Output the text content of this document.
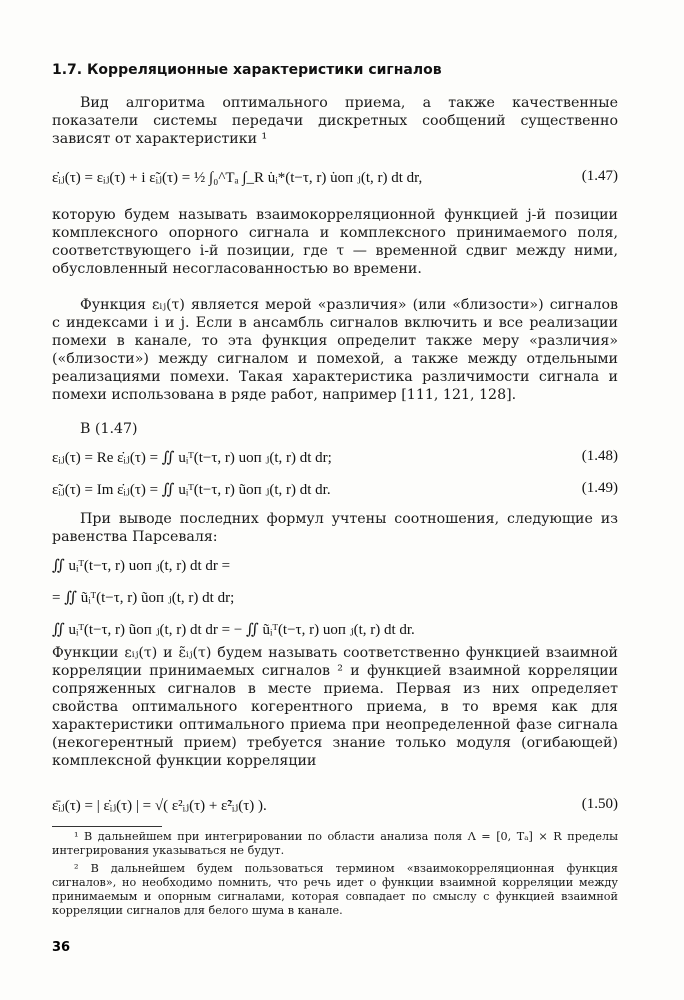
1.7. Корреляционные характеристики сигналов
Вид алгоритма оптимального приема, а также качественные показатели системы передачи дискретных сообщений существенно зависят от характеристики ¹
ε̇ᵢⱼ(τ) = εᵢⱼ(τ) + i ε̃ᵢⱼ(τ) = ½ ∫₀^Tₐ ∫_R u̇ᵢ*(t−τ, r) u̇оп ⱼ(t, r) dt dr,	(1.47)
которую будем называть взаимокорреляционной функцией j-й позиции комплексного опорного сигнала и комплексного принимаемого поля, соответствующего i-й позиции, где τ — временной сдвиг между ними, обусловленный несогласованностью во времени.
Функция εᵢⱼ(τ) является мерой «различия» (или «близости») сигналов с индексами i и j. Если в ансамбль сигналов включить и все реализации помехи в канале, то эта функция определит также меру «различия» («близости») между сигналом и помехой, а также между отдельными реализациями помехи. Такая характеристика различимости сигнала и помехи использована в ряде работ, например [111, 121, 128].
В (1.47)
εᵢⱼ(τ) = Re ε̇ᵢⱼ(τ) = ∬ uᵢᵀ(t−τ, r) uоп ⱼ(t, r) dt dr;	(1.48)
ε̃ᵢⱼ(τ) = Im ε̇ᵢⱼ(τ) = ∬ uᵢᵀ(t−τ, r) ũоп ⱼ(t, r) dt dr.	(1.49)
При выводе последних формул учтены соотношения, следующие из равенства Парсеваля:
∬ uᵢᵀ(t−τ, r) uоп ⱼ(t, r) dt dr =
= ∬ ũᵢᵀ(t−τ, r) ũоп ⱼ(t, r) dt dr;
∬ uᵢᵀ(t−τ, r) ũоп ⱼ(t, r) dt dr = − ∬ ũᵢᵀ(t−τ, r) uоп ⱼ(t, r) dt dr.
Функции εᵢⱼ(τ) и ε̃ᵢⱼ(τ) будем называть соответственно функцией взаимной корреляции принимаемых сигналов ² и функцией взаимной корреляции сопряженных сигналов в месте приема. Первая из них определяет свойства оптимального когерентного приема, в то время как для характеристики оптимального приема при неопределенной фазе сигнала (некогерентный прием) требуется знание только модуля (огибающей) комплексной функции корреляции
ε̄ᵢⱼ(τ) = | ε̇ᵢⱼ(τ) | = √( ε²ᵢⱼ(τ) + ε̃²ᵢⱼ(τ) ).	(1.50)
¹ В дальнейшем при интегрировании по области анализа поля Λ = [0, Tₐ] × R пределы интегрирования указываться не будут.
² В дальнейшем будем пользоваться термином «взаимокорреляционная функция сигналов», но необходимо помнить, что речь идет о функции взаимной корреляции между принимаемым и опорным сигналами, которая совпадает по смыслу с функцией взаимной корреляции сигналов для белого шума в канале.
36
